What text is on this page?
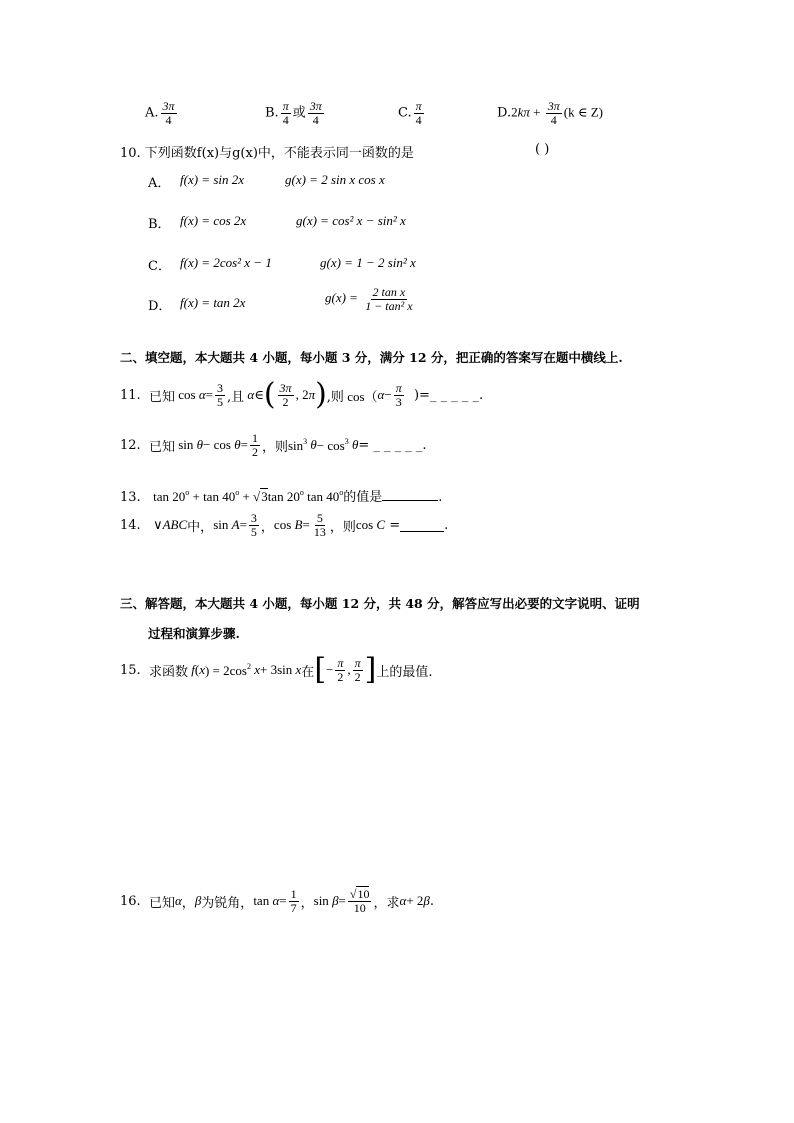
A. $\frac{3\pi}{4}$	B. $\frac{\pi}{4}$ 或 $\frac{3\pi}{4}$	C. $\frac{\pi}{4}$	$D.2k\pi + \frac{3\pi}{4} (k$ ∈ Z)
10. 下列函数f(x)与g(x)中，不能表示同一函数的是	( )
A． f(x) = sin 2x	g(x) = 2 sin x cos x
B． f(x) = cos 2x	g(x) = cos² x − sin² x
C． f(x) = 2cos² x − 1	g(x) = 1 − 2 sin² x
D． f(x) = tan 2x	$g(x) = \frac{\text{2 tan x}}{\text{1 − tan² x}}$
二、填空题，本大题共 4 小题，每小题 3 分，满分 12 分，把正确的答案写在题中横线上.
11.
已知 $\cos \alpha = \frac{3}{5}$ ,且 α ∈ ( $\frac{3\pi}{2}$ , 2 π ) ,则 cos（ $\alpha - \frac{\pi}{3}$
)= _ _ _ _ _.
12.
已知 $\sin \theta - \cos \theta = \frac{1}{2}$ ，则 $\sin^3 \theta - \cos^3 \theta$ = _ _ _ _ _.
13. $\tan 20^o + \tan 40^o + √3\tan$ 20$^o$ tan 40$^o$的值是	.
14.
∨ ABC 中， $\sin A = \frac{3}{5}$ ， $\cos B = \frac{5}{13}$ ，则 cos C
=	.
三、解答题，本大题共 4 小题，每小题 12 分，共 48 分，解答应写出必要的文字说明、证明
过程和演算步骤.
15.
求函数 f ( x ) = $2\cos^2$ x + 3sin x 在 [ − $\frac{\pi}{2}$ , $\frac{\pi}{2}$ ] 上的最值.
16.
已知 α ， β 为锐角， $\tan \alpha = \frac{1}{7}$ ， $\sin \beta = \frac{√10}{10}$ ，求 α + 2 β .
